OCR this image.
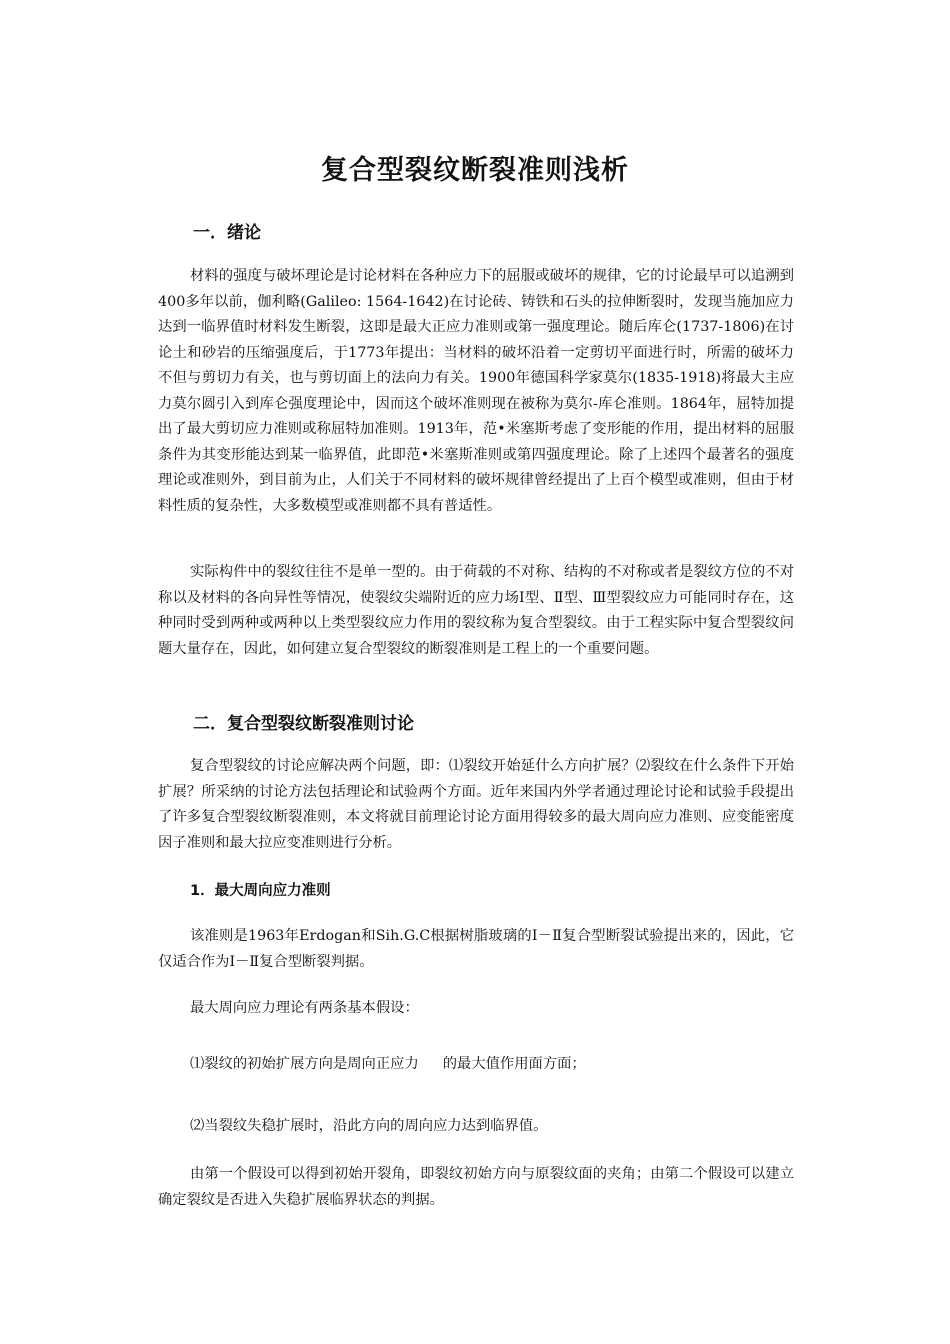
复合型裂纹断裂准则浅析
一．绪论

材料的强度与破坏理论是讨论材料在各种应力下的屈服或破坏的规律，它的讨论最早可以追溯到400多年以前，伽利略(Galileo: 1564-1642)在讨论砖、铸铁和石头的拉伸断裂时，发现当施加应力达到一临界值时材料发生断裂，这即是最大正应力准则或第一强度理论。随后库仑(1737-1806)在讨论土和砂岩的压缩强度后，于1773年提出：当材料的破坏沿着一定剪切平面进行时，所需的破坏力不但与剪切力有关，也与剪切面上的法向力有关。1900年德国科学家莫尔(1835-1918)将最大主应力莫尔圆引入到库仑强度理论中，因而这个破坏准则现在被称为莫尔-库仑准则。1864年，屈特加提出了最大剪切应力准则或称屈特加准则。1913年，范•米塞斯考虑了变形能的作用，提出材料的屈服条件为其变形能达到某一临界值，此即范•米塞斯准则或第四强度理论。除了上述四个最著名的强度理论或准则外，到目前为止，人们关于不同材料的破坏规律曾经提出了上百个模型或准则，但由于材料性质的复杂性，大多数模型或准则都不具有普适性。

实际构件中的裂纹往往不是单一型的。由于荷载的不对称、结构的不对称或者是裂纹方位的不对称以及材料的各向异性等情况，使裂纹尖端附近的应力场Ⅰ型、Ⅱ型、Ⅲ型裂纹应力可能同时存在，这种同时受到两种或两种以上类型裂纹应力作用的裂纹称为复合型裂纹。由于工程实际中复合型裂纹问题大量存在，因此，如何建立复合型裂纹的断裂准则是工程上的一个重要问题。

二．复合型裂纹断裂准则讨论

复合型裂纹的讨论应解决两个问题，即：⑴裂纹开始延什么方向扩展？⑵裂纹在什么条件下开始扩展？所采纳的讨论方法包括理论和试验两个方面。近年来国内外学者通过理论讨论和试验手段提出了许多复合型裂纹断裂准则，本文将就目前理论讨论方面用得较多的最大周向应力准则、应变能密度因子准则和最大拉应变准则进行分析。

1．最大周向应力准则

该准则是1963年Erdogan和Sih.G.C根据树脂玻璃的Ⅰ－Ⅱ复合型断裂试验提出来的，因此，它仅适合作为Ⅰ－Ⅱ复合型断裂判据。

最大周向应力理论有两条基本假设：
⑴裂纹的初始扩展方向是周向正应力 的最大值作用面方面；
⑵当裂纹失稳扩展时，沿此方向的周向应力达到临界值。

由第一个假设可以得到初始开裂角，即裂纹初始方向与原裂纹面的夹角；由第二个假设可以建立确定裂纹是否进入失稳扩展临界状态的判据。
